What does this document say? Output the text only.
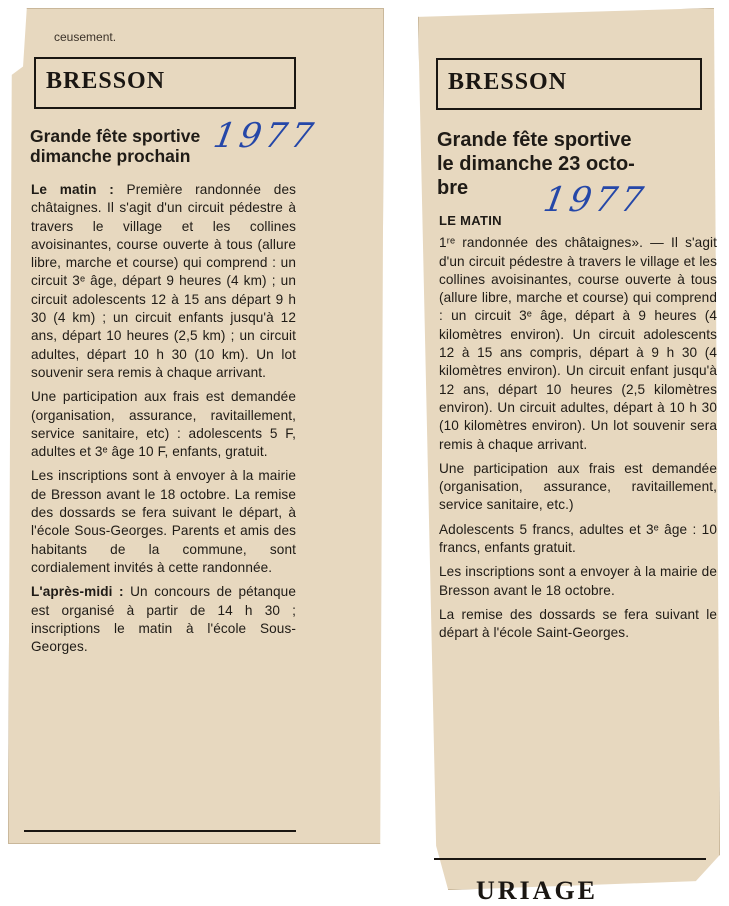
ceusement.
BRESSON
Grande fête sportive
dimanche prochain 1977

Le matin : Première randonnée des châtaignes. Il s'agit d'un circuit pédestre à travers le village et les collines avoisinantes, course ouverte à tous (allure libre, marche et course) qui comprend : un circuit 3ᵉ âge, départ 9 heures (4 km) ; un circuit adolescents 12 à 15 ans départ 9 h 30 (4 km) ; un circuit enfants jusqu'à 12 ans, départ 10 heures (2,5 km) ; un circuit adultes, départ 10 h 30 (10 km). Un lot souvenir sera remis à chaque arrivant.

Une participation aux frais est demandée (organisation, assurance, ravitaillement, service sanitaire, etc) : adolescents 5 F, adultes et 3ᵉ âge 10 F, enfants, gratuit.

Les inscriptions sont à envoyer à la mairie de Bresson avant le 18 octobre. La remise des dossards se fera suivant le départ, à l'école Sous-Georges. Parents et amis des habitants de la commune, sont cordialement invités à cette randonnée.

L'après-midi : Un concours de pétanque est organisé à partir de 14 h 30 ; inscriptions le matin à l'école Sous-Georges.

BRESSON
Grande fête sportive
le dimanche 23 octo-
bre	1977

LE MATIN

1ʳᵉ randonnée des châtaignes». — Il s'agit d'un circuit pédestre à travers le village et les collines avoisinantes, course ouverte à tous (allure libre, marche et course) qui comprend : un circuit 3ᵉ âge, départ à 9 heures (4 kilomètres environ). Un circuit adolescents 12 à 15 ans compris, départ à 9 h 30 (4 kilomètres environ). Un circuit enfant jusqu'à 12 ans, départ 10 heures (2,5 kilomètres environ). Un circuit adultes, départ à 10 h 30 (10 kilomètres environ). Un lot souvenir sera remis à chaque arrivant.

Une participation aux frais est demandée (organisation, assurance, ravitaillement, service sanitaire, etc.)

Adolescents 5 francs, adultes et 3ᵉ âge : 10 francs, enfants gratuit.

Les inscriptions sont a envoyer à la mairie de Bresson avant le 18 octobre.

La remise des dossards se fera suivant le départ à l'école Saint-Georges.

URIAGE
